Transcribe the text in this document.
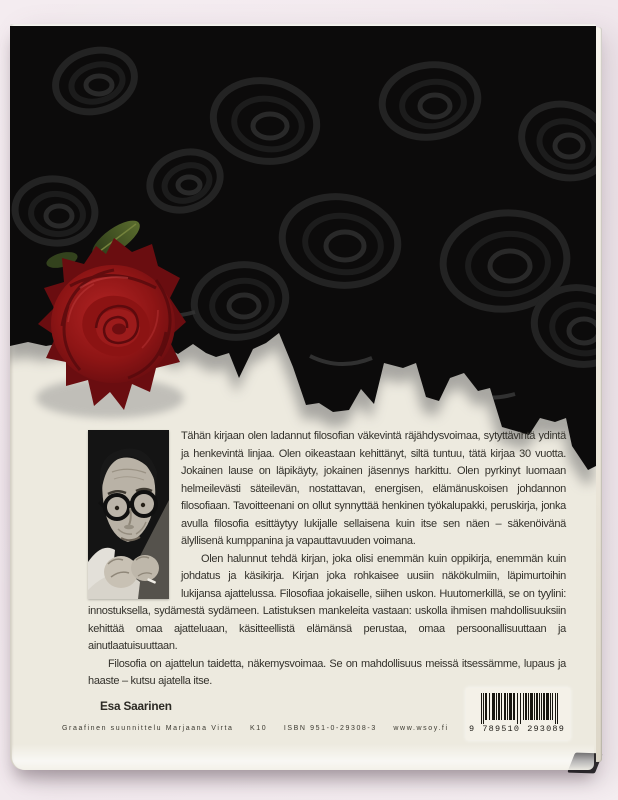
Tähän kirjaan olen ladannut filosofian väkevintä räjähdysvoimaa, sytyttävintä ydintä ja henkevintä linjaa. Olen oikeastaan kehittänyt, siltä tuntuu, tätä kirjaa 30 vuotta. Jokainen lause on läpikäyty, jokainen jäsennys harkittu. Olen pyrkinyt luomaan helmeilevästi säteilevän, nostattavan, energisen, elämänuskoisen johdannon filosofiaan. Tavoitteenani on ollut synnyttää henkinen työkalupakki, peruskirja, jonka avulla filosofia esittäytyy lukijalle sellaisena kuin itse sen näen – säkenöivänä älyllisenä kumppanina ja vapauttavuuden voimana.

Olen halunnut tehdä kirjan, joka olisi enemmän kuin oppikirja, enemmän kuin johdatus ja käsikirja. Kirjan joka rohkaisee uusiin näkökulmiin, läpimurtoihin lukijansa ajattelussa. Filosofiaa jokaiselle, siihen uskon. Huutomerkillä, se on tyylini: innostuksella, sydämestä sydämeen. Latistuksen mankeleita vastaan: uskolla ihmisen mahdollisuuksiin kehittää omaa ajatteluaan, käsitteellistä elämänsä perustaa, omaa persoonallisuuttaan ja ainutlaatuisuuttaan.

Filosofia on ajattelun taidetta, näkemysvoimaa. Se on mahdollisuus meissä itsessämme, lupaus ja haaste – kutsu ajatella itse.

Esa Saarinen
Graafinen suunnittelu Marjaana Virta K10 ISBN 951-0-29308-3 www.wsoy.fi 9 789510 293089
